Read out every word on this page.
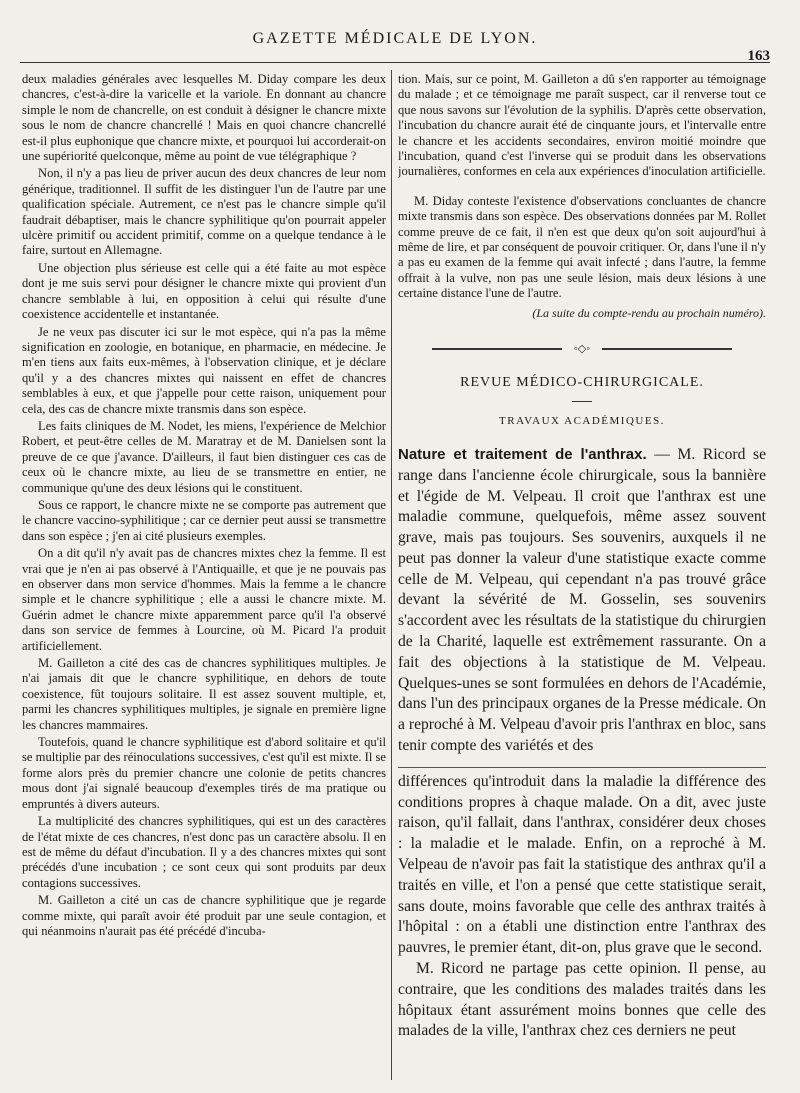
GAZETTE MÉDICALE DE LYON.
163

deux maladies générales avec lesquelles M. Diday compare les deux chancres, c'est-à-dire la varicelle et la variole. En donnant au chancre simple le nom de chancrelle, on est conduit à désigner le chancre mixte sous le nom de chancre chancrellé ! Mais en quoi chancre chancrellé est-il plus euphonique que chancre mixte, et pourquoi lui accorderait-on une supériorité quelconque, même au point de vue télégraphique ?

Non, il n'y a pas lieu de priver aucun des deux chancres de leur nom générique, traditionnel. Il suffit de les distinguer l'un de l'autre par une qualification spéciale. Autrement, ce n'est pas le chancre simple qu'il faudrait débaptiser, mais le chancre syphilitique qu'on pourrait appeler ulcère primitif ou accident primitif, comme on a quelque tendance à le faire, surtout en Allemagne.

Une objection plus sérieuse est celle qui a été faite au mot espèce dont je me suis servi pour désigner le chancre mixte qui provient d'un chancre semblable à lui, en opposition à celui qui résulte d'une coexistence accidentelle et instantanée.

Je ne veux pas discuter ici sur le mot espèce, qui n'a pas la même signification en zoologie, en botanique, en pharmacie, en médecine. Je m'en tiens aux faits eux-mêmes, à l'observation clinique, et je déclare qu'il y a des chancres mixtes qui naissent en effet de chancres semblables à eux, et que j'appelle pour cette raison, uniquement pour cela, des cas de chancre mixte transmis dans son espèce.

Les faits cliniques de M. Nodet, les miens, l'expérience de Melchior Robert, et peut-être celles de M. Maratray et de M. Danielsen sont la preuve de ce que j'avance. D'ailleurs, il faut bien distinguer ces cas de ceux où le chancre mixte, au lieu de se transmettre en entier, ne communique qu'une des deux lésions qui le constituent.

Sous ce rapport, le chancre mixte ne se comporte pas autrement que le chancre vaccino-syphilitique ; car ce dernier peut aussi se transmettre dans son espèce ; j'en ai cité plusieurs exemples.

On a dit qu'il n'y avait pas de chancres mixtes chez la femme. Il est vrai que je n'en ai pas observé à l'Antiquaille, et que je ne pouvais pas en observer dans mon service d'hommes. Mais la femme a le chancre simple et le chancre syphilitique ; elle a aussi le chancre mixte. M. Guérin admet le chancre mixte apparemment parce qu'il l'a observé dans son service de femmes à Lourcine, où M. Picard l'a produit artificiellement.

M. Gailleton a cité des cas de chancres syphilitiques multiples. Je n'ai jamais dit que le chancre syphilitique, en dehors de toute coexistence, fût toujours solitaire. Il est assez souvent multiple, et, parmi les chancres syphilitiques multiples, je signale en première ligne les chancres mammaires.

Toutefois, quand le chancre syphilitique est d'abord solitaire et qu'il se multiplie par des réinoculations successives, c'est qu'il est mixte. Il se forme alors près du premier chancre une colonie de petits chancres mous dont j'ai signalé beaucoup d'exemples tirés de ma pratique ou empruntés à divers auteurs.

La multiplicité des chancres syphilitiques, qui est un des caractères de l'état mixte de ces chancres, n'est donc pas un caractère absolu. Il en est de même du défaut d'incubation. Il y a des chancres mixtes qui sont précédés d'une incubation ; ce sont ceux qui sont produits par deux contagions successives.

M. Gailleton a cité un cas de chancre syphilitique que je regarde comme mixte, qui paraît avoir été produit par une seule contagion, et qui néanmoins n'aurait pas été précédé d'incuba-

tion. Mais, sur ce point, M. Gailleton a dû s'en rapporter au témoignage du malade ; et ce témoignage me paraît suspect, car il renverse tout ce que nous savons sur l'évolution de la syphilis. D'après cette observation, l'incubation du chancre aurait été de cinquante jours, et l'intervalle entre le chancre et les accidents secondaires, environ moitié moindre que l'incubation, quand c'est l'inverse qui se produit dans les observations journalières, conformes en cela aux expériences d'inoculation artificielle.

M. Diday conteste l'existence d'observations concluantes de chancre mixte transmis dans son espèce. Des observations données par M. Rollet comme preuve de ce fait, il n'en est que deux qu'on soit aujourd'hui à même de lire, et par conséquent de pouvoir critiquer. Or, dans l'une il n'y a pas eu examen de la femme qui avait infecté ; dans l'autre, la femme offrait à la vulve, non pas une seule lésion, mais deux lésions à une certaine distance l'une de l'autre.

(La suite du compte-rendu au prochain numéro).
◦◇◦
REVUE MÉDICO-CHIRURGICALE.
TRAVAUX ACADÉMIQUES.

Nature et traitement de l'anthrax. — M. Ricord se range dans l'ancienne école chirurgicale, sous la bannière et l'égide de M. Velpeau. Il croit que l'anthrax est une maladie commune, quelquefois, même assez souvent grave, mais pas toujours. Ses souvenirs, auxquels il ne peut pas donner la valeur d'une statistique exacte comme celle de M. Velpeau, qui cependant n'a pas trouvé grâce devant la sévérité de M. Gosselin, ses souvenirs s'accordent avec les résultats de la statistique du chirurgien de la Charité, laquelle est extrêmement rassurante. On a fait des objections à la statistique de M. Velpeau. Quelques-unes se sont formulées en dehors de l'Académie, dans l'un des principaux organes de la Presse médicale. On a reproché à M. Velpeau d'avoir pris l'anthrax en bloc, sans tenir compte des variétés et des

différences qu'introduit dans la maladie la différence des conditions propres à chaque malade. On a dit, avec juste raison, qu'il fallait, dans l'anthrax, considérer deux choses : la maladie et le malade. Enfin, on a reproché à M. Velpeau de n'avoir pas fait la statistique des anthrax qu'il a traités en ville, et l'on a pensé que cette statistique serait, sans doute, moins favorable que celle des anthrax traités à l'hôpital : on a établi une distinction entre l'anthrax des pauvres, le premier étant, dit-on, plus grave que le second.

M. Ricord ne partage pas cette opinion. Il pense, au contraire, que les conditions des malades traités dans les hôpitaux étant assurément moins bonnes que celle des malades de la ville, l'anthrax chez ces derniers ne peut
